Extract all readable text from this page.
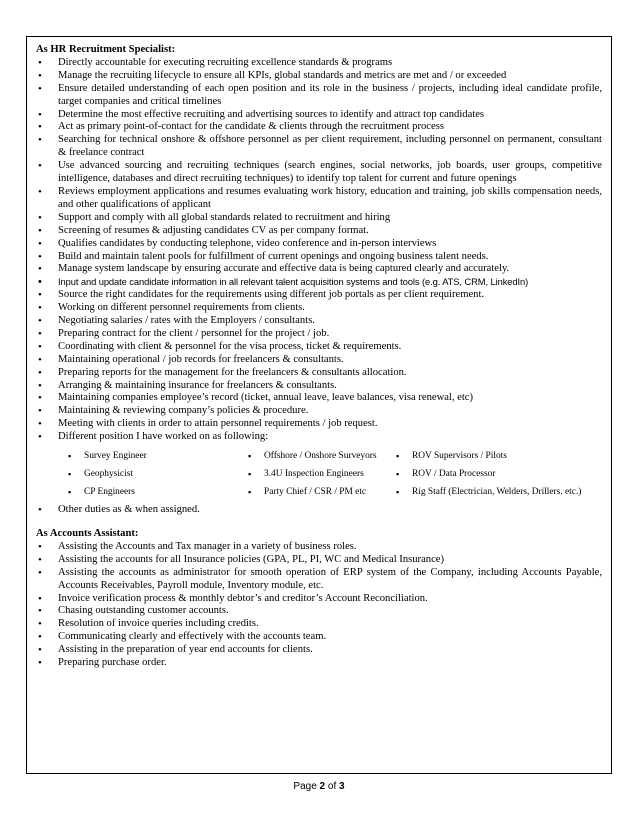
As HR Recruitment Specialist:

• Directly accountable for executing recruiting excellence standards & programs
• Manage the recruiting lifecycle to ensure all KPIs, global standards and metrics are met and / or exceeded
• Ensure detailed understanding of each open position and its role in the business / projects, including ideal candidate profile, target companies and critical timelines
• Determine the most effective recruiting and advertising sources to identify and attract top candidates
• Act as primary point-of-contact for the candidate & clients through the recruitment process
• Searching for technical onshore & offshore personnel as per client requirement, including personnel on permanent, consultant & freelance contract
• Use advanced sourcing and recruiting techniques (search engines, social networks, job boards, user groups, competitive intelligence, databases and direct recruiting techniques) to identify top talent for current and future openings
• Reviews employment applications and resumes evaluating work history, education and training, job skills compensation needs, and other qualifications of applicant
• Support and comply with all global standards related to recruitment and hiring
• Screening of resumes & adjusting candidates CV as per company format.
• Qualifies candidates by conducting telephone, video conference and in-person interviews
• Build and maintain talent pools for fulfillment of current openings and ongoing business talent needs.
• Manage system landscape by ensuring accurate and effective data is being captured clearly and accurately.
• Input and update candidate information in all relevant talent acquisition systems and tools (e.g. ATS, CRM, LinkedIn)
• Source the right candidates for the requirements using different job portals as per client requirement.
• Working on different personnel requirements from clients.
• Negotiating salaries / rates with the Employers / consultants.
• Preparing contract for the client / personnel for the project / job.
• Coordinating with client & personnel for the visa process, ticket & requirements.
• Maintaining operational / job records for freelancers & consultants.
• Preparing reports for the management for the freelancers & consultants allocation.
• Arranging & maintaining insurance for freelancers & consultants.
• Maintaining companies employee’s record (ticket, annual leave, leave balances, visa renewal, etc)
• Maintaining & reviewing company’s policies & procedure.
• Meeting with clients in order to attain personnel requirements / job request.
• Different position I have worked on as following:
▪ Survey Engineer	▪ Offshore / Onshore Surveyors	▪ ROV Supervisors / Pilots
▪ Geophysicist	▪ 3.4U Inspection Engineers	▪ ROV / Data Processor
▪ CP Engineers	▪ Party Chief / CSR / PM etc	▪ Rig Staff (Electrician, Welders, Drillers. etc.)
• Other duties as & when assigned.

As Accounts Assistant:

• Assisting the Accounts and Tax manager in a variety of business roles.
• Assisting the accounts for all Insurance policies (GPA, PL, PI, WC and Medical Insurance)
• Assisting the accounts as administrator for smooth operation of ERP system of the Company, including Accounts Payable, Accounts Receivables, Payroll module, Inventory module, etc.
• Invoice verification process & monthly debtor’s and creditor’s Account Reconciliation.
• Chasing outstanding customer accounts.
• Resolution of invoice queries including credits.
• Communicating clearly and effectively with the accounts team.
• Assisting in the preparation of year end accounts for clients.
• Preparing purchase order.
Page 2 of 3
